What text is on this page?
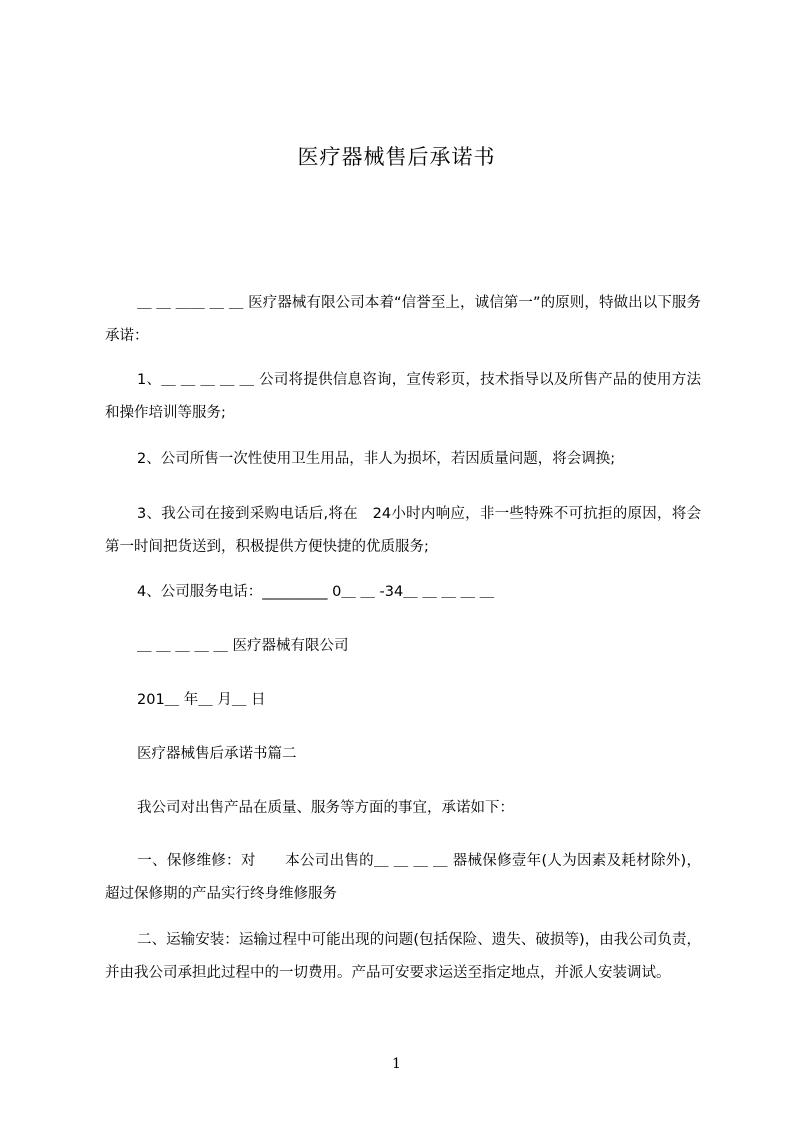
医疗器械售后承诺书

＿ ＿ ＿＿ ＿ ＿ 医疗器械有限公司本着“信誉至上，诚信第一”的原则，特做出以下服务承诺：

1、＿ ＿ ＿ ＿ ＿ 公司将提供信息咨询，宣传彩页，技术指导以及所售产品的使用方法和操作培训等服务;

2、公司所售一次性使用卫生用品，非人为损坏，若因质量问题，将会调换;

3、我公司在接到采购电话后,将在　24小时内响应，非一些特殊不可抗拒的原因，将会第一时间把货送到，积极提供方便快捷的优质服务;

4、公司服务电话：_________ 0＿ ＿ -34＿ ＿ ＿ ＿ ＿

＿ ＿ ＿ ＿ ＿ 医疗器械有限公司

201＿ 年＿ 月＿ 日

医疗器械售后承诺书篇二

我公司对出售产品在质量、服务等方面的事宜，承诺如下：

一、保修维修：对　　本公司出售的＿ ＿ ＿ ＿ 器械保修壹年(人为因素及耗材除外)，超过保修期的产品实行终身维修服务

二、运输安装：运输过程中可能出现的问题(包括保险、遗失、破损等)，由我公司负责，并由我公司承担此过程中的一切费用。产品可安要求运送至指定地点，并派人安装调试。

1
